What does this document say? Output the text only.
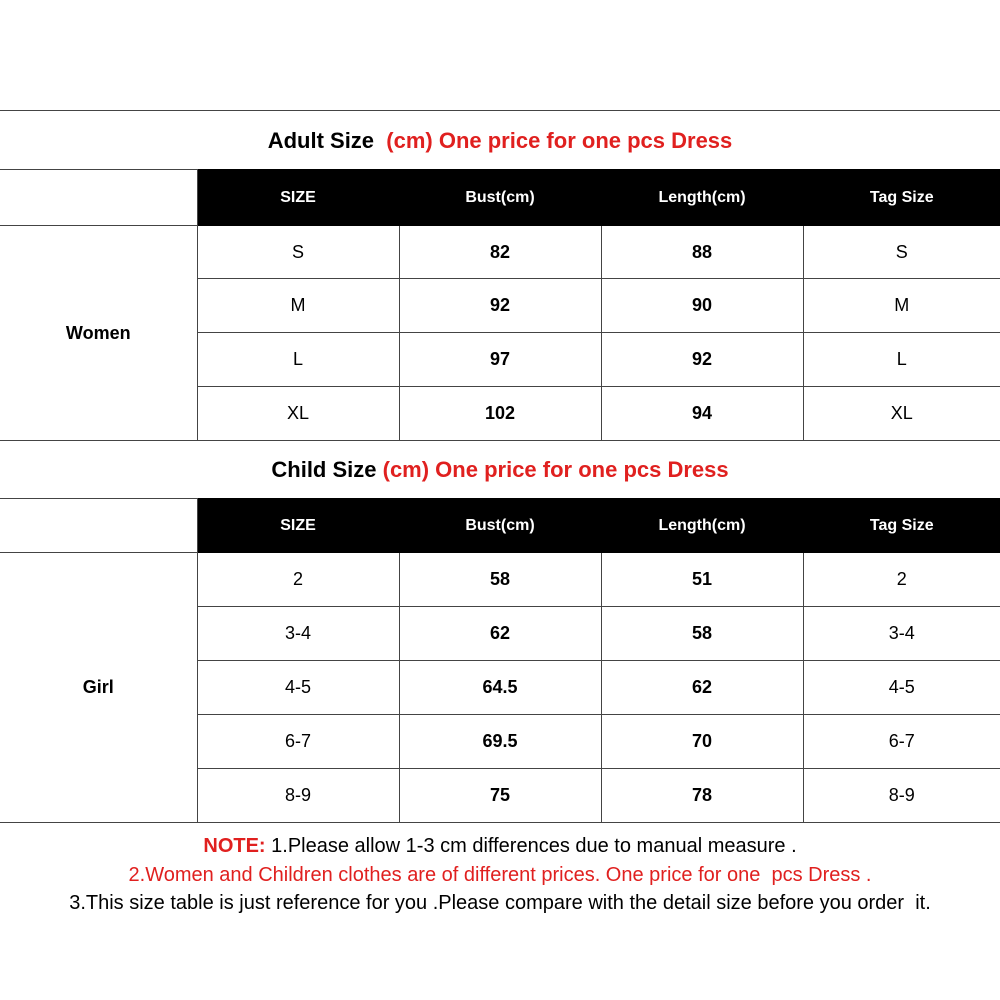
Adult Size (cm) One price for one pcs Dress
	SIZE	Bust(cm)	Length(cm)	Tag Size
Women	S	82	88	S
	M	92	90	M
	L	97	92	L
	XL	102	94	XL
Child Size (cm) One price for one pcs Dress
	SIZE	Bust(cm)	Length(cm)	Tag Size
Girl	2	58	51	2
	3-4	62	58	3-4
	4-5	64.5	62	4-5
	6-7	69.5	70	6-7
	8-9	75	78	8-9
NOTE: 1.Please allow 1-3 cm differences due to manual measure .
2.Women and Children clothes are of different prices. One price for one  pcs Dress .
3.This size table is just reference for you .Please compare with the detail size before you order  it.
